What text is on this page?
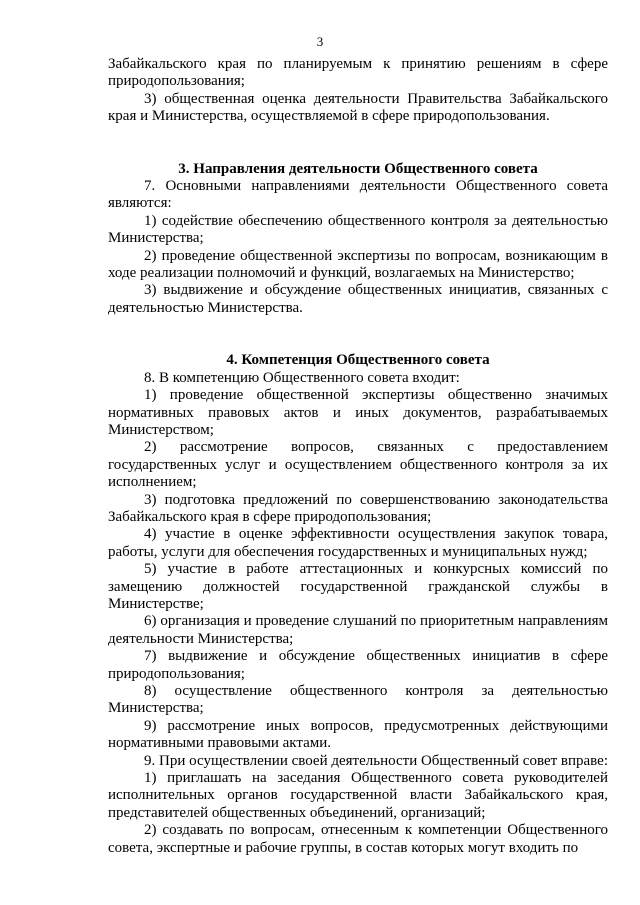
3

Забайкальского края по планируемым к принятию решениям в сфере природопользования;

3) общественная оценка деятельности Правительства Забайкальского края и Министерства, осуществляемой в сфере природопользования.

3. Направления деятельности Общественного совета

7. Основными направлениями деятельности Общественного совета являются:

1) содействие обеспечению общественного контроля за деятельностью Министерства;

2) проведение общественной экспертизы по вопросам, возникающим в ходе реализации полномочий и функций, возлагаемых на Министерство;

3) выдвижение и обсуждение общественных инициатив, связанных с деятельностью Министерства.

4. Компетенция Общественного совета

8. В компетенцию Общественного совета входит:

1) проведение общественной экспертизы общественно значимых нормативных правовых актов и иных документов, разрабатываемых Министерством;

2) рассмотрение вопросов, связанных с предоставлением государственных услуг и осуществлением общественного контроля за их исполнением;

3) подготовка предложений по совершенствованию законодательства Забайкальского края в сфере природопользования;

4) участие в оценке эффективности осуществления закупок товара, работы, услуги для обеспечения государственных и муниципальных нужд;

5) участие в работе аттестационных и конкурсных комиссий по замещению должностей государственной гражданской службы в Министерстве;

6) организация и проведение слушаний по приоритетным направлениям деятельности Министерства;

7) выдвижение и обсуждение общественных инициатив в сфере природопользования;

8) осуществление общественного контроля за деятельностью Министерства;

9) рассмотрение иных вопросов, предусмотренных действующими нормативными правовыми актами.

9. При осуществлении своей деятельности Общественный совет вправе:

1) приглашать на заседания Общественного совета руководителей исполнительных органов государственной власти Забайкальского края, представителей общественных объединений, организаций;

2) создавать по вопросам, отнесенным к компетенции Общественного совета, экспертные и рабочие группы, в состав которых могут входить по
